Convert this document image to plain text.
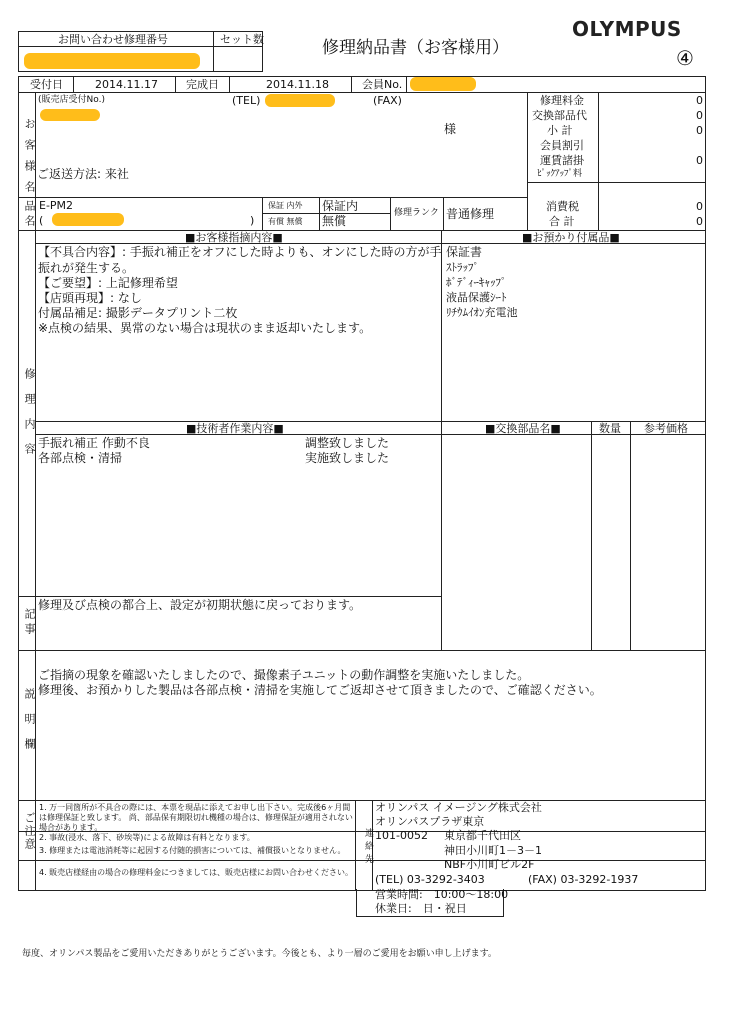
お問い合わせ修理番号	セット数	修理納品書（お客様用）
OLYMPUS
④
受付日	2014.11.17	完成日	2014.11.18	会員No.
お客様名
(販売店受付No.)	(TEL)	(FAX)
様
ご返送方法: 来社
修理料金	0
交換部品代	0
小 計	0
会員割引
運賃諸掛	0
ﾋﾟｯｸｱｯﾌﾟ料
品名 E-PM2
(	)
保証 内外 保証内
有償 無償 無償
修理ランク 普通修理
消費税	0
合 計	0
修理内容
■お客様指摘内容■
【不具合内容】: 手振れ補正をオフにした時よりも、オンにした時の方が手
振れが発生する。
【ご要望】: 上記修理希望
【店頭再現】: なし
付属品補足: 撮影データプリント二枚
※点検の結果、異常のない場合は現状のまま返却いたします。
■お預かり付属品■
保証書
ｽﾄﾗｯﾌﾟ
ﾎﾞﾃﾞｨｰｷｬｯﾌﾟ
液晶保護ｼｰﾄ
ﾘﾁｳﾑｲｵﾝ充電池
■技術者作業内容■	■交換部品名■	数量 参考価格
手振れ補正 作動不良	調整致しました
各部点検・清掃	実施致しました
記事
修理及び点検の都合上、設定が初期状態に戻っております。
説明欄
ご指摘の現象を確認いたしましたので、撮像素子ユニットの動作調整を実施いたしました。
修理後、お預かりした製品は各部点検・清掃を実施してご返却させて頂きましたので、ご確認ください。
ご注意
1. 万一同箇所が不具合の際には、本票を現品に添えてお申し出下さい。完成後6ヶ月間は修理保証と致します。 尚、部品保有期限切れ機種の場合は、修理保証が適用されない場合があります。
2. 事故(浸水、落下、砂埃等)による故障は有料となります。	連絡先
オリンパス イメージング株式会社
オリンパスプラザ東京
101-0052 東京都千代田区
神田小川町1－3－1
3. 修理または電池消耗等に起因する付随的損害については、補償扱いとなりません。
4. 販売店様経由の場合の修理料金につきましては、販売店様にお問い合わせください。
NBF小川町ビル2F
(TEL) 03-3292-3403	(FAX) 03-3292-1937
営業時間:　10:00～18:00
休業日:　日・祝日
毎度、オリンパス製品をご愛用いただきありがとうございます。今後とも、より一層のご愛用をお願い申し上げます。
